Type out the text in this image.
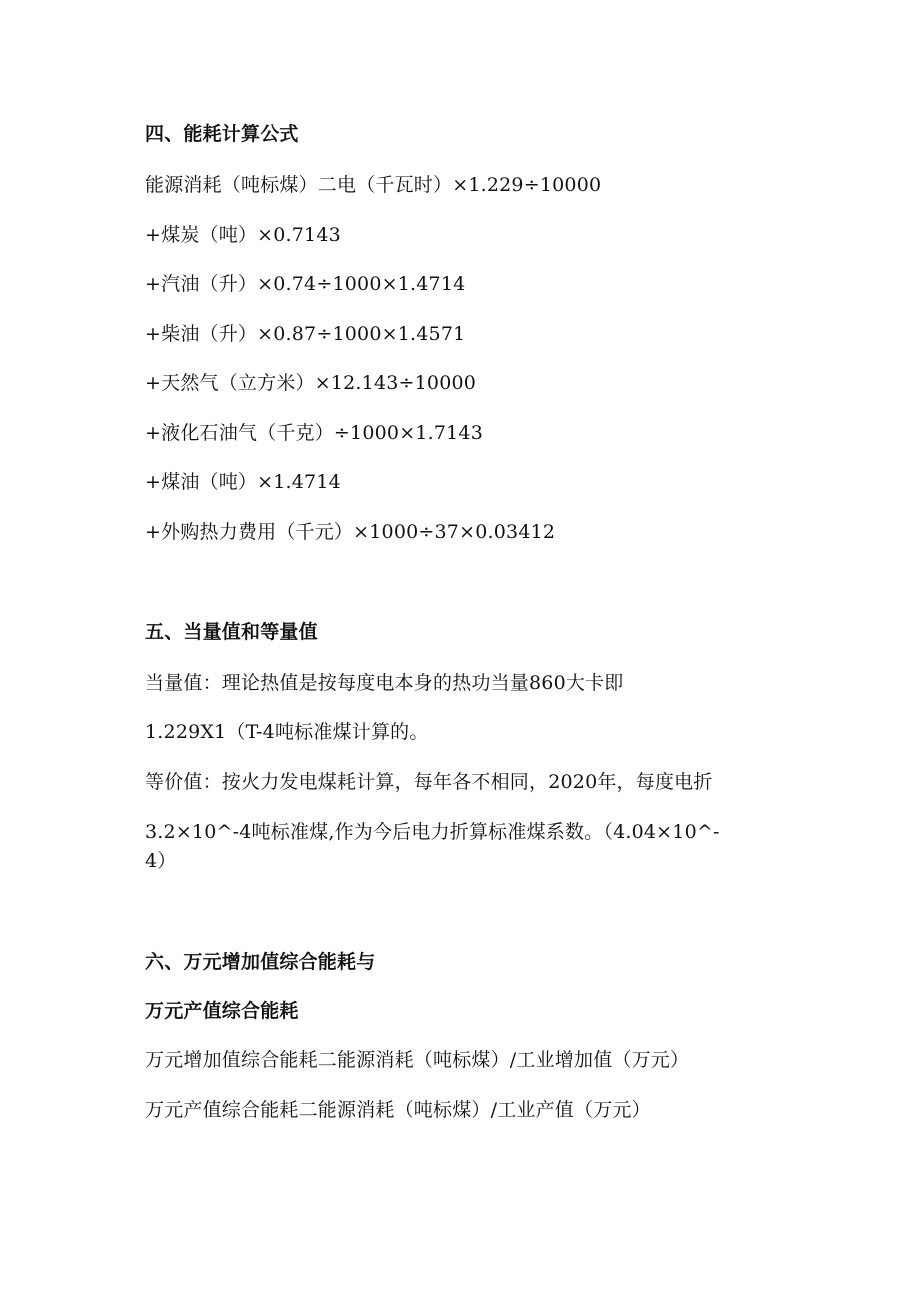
四、能耗计算公式
能源消耗（吨标煤）二电（千瓦时）×1.229÷10000
+煤炭（吨）×0.7143
+汽油（升）×0.74÷1000×1.4714
+柴油（升）×0.87÷1000×1.4571
+天然气（立方米）×12.143÷10000
+液化石油气（千克）÷1000×1.7143
+煤油（吨）×1.4714
+外购热力费用（千元）×1000÷37×0.03412
五、当量值和等量值
当量值：理论热值是按每度电本身的热功当量860大卡即
1.229X1（T-4吨标准煤计算的。
等价值：按火力发电煤耗计算，每年各不相同，2020年，每度电折
3.2×10^-4吨标准煤,作为今后电力折算标准煤系数。（4.04×10^-
4）
六、万元增加值综合能耗与
万元产值综合能耗
万元增加值综合能耗二能源消耗（吨标煤）/工业增加值（万元）
万元产值综合能耗二能源消耗（吨标煤）/工业产值（万元）
